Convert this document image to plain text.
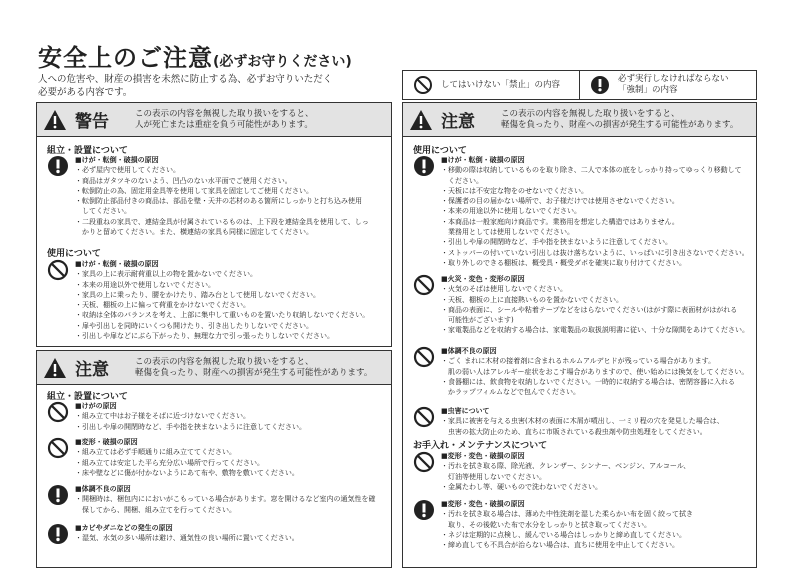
安全上のご注意(必ずお守りください)
人への危害や、財産の損害を未然に防止する為、必ずお守りいただく
必要がある内容です。
してはいけない「禁止」の内容
必ず実行しなければならない
「強制」の内容
警告	この表示の内容を無視した取り扱いをすると、
人が死亡または重症を負う可能性があります。
組立・設置について
■けが・転倒・破損の原因
・必ず屋内で使用してください。
・商品はガタツキのないよう、凹凸のない水平面でご使用ください。
・転倒防止の為、固定用金具等を使用して家具を固定してご使用ください。
・転倒防止部品付きの商品は、部品を壁・天井の芯材のある箇所にしっかりと打ち込み使用
　してください。
・二段重ねの家具で、連結金具が付属されているものは、上下段を連結金具を使用して、しっ
　かりと留めてください。また、横連結の家具も同様に固定してください。
使用について
■けが・転倒・破損の原因
・家具の上に表示耐荷重以上の物を置かないでください。
・本来の用途以外で使用しないでください。
・家具の上に乗ったり、腰をかけたり、踏み台として使用しないでください。
・天板、棚板の上に偏って荷重をかけないでください。
・収納は全体のバランスを考え、上部に集中して重いものを置いたり収納しないでください。
・扉や引出しを同時にいくつも開けたり、引き出したりしないでください。
・引出しや扉などにぶら下がったり、無理な力で引っ張ったりしないでください。
注意	この表示の内容を無視した取り扱いをすると、
軽傷を負ったり、財産への損害が発生する可能性があります。
組立・設置について
■けがの原因
・組み立て中はお子様をそばに近づけないでください。
・引出しや扉の開閉時など、手や指を挟まないように注意してください。
■変形・破損の原因
・組み立ては必ず手順通りに組み立ててください。
・組み立ては安定した平ら充分広い場所で行ってください。
・床や壁などに傷が付かないようにあて布や、敷物を敷いてください。
■体調不良の原因
・開梱時は、梱包内ににおいがこもっている場合があります。窓を開けるなど室内の通気性を確
　保してから、開梱、組み立てを行ってください。
■カビやダニなどの発生の原因
・湿気、水気の多い場所は避け、通気性の良い場所に置いてください。
注意	この表示の内容を無視した取り扱いをすると、
軽傷を負ったり、財産への損害が発生する可能性があります。
使用について
■けが・転倒・破損の原因
・移動の際は収納しているものを取り除き、二人で本体の底をしっかり持ってゆっくり移動して
　ください。
・天板には不安定な物をのせないでください。
・保護者の目の届かない場所で、お子様だけでは使用させないでください。
・本来の用途以外に使用しないでください。
・本商品は一般家庭向け商品です。業務用を想定した構造ではありません。
　業務用としては使用しないでください。
・引出しや扉の開閉時など、手や指を挟まないように注意してください。
・ストッパーの付いていない引出しは抜け落ちないように、いっぱいに引き出さないでください。
・取り外しのできる棚板は、概受具・概受ダボを確実に取り付けてください。
■火災・変色・変形の原因
・火気のそばは使用しないでください。
・天板、棚板の上に直接熱いものを置かないでください。
・商品の表面に、シールや粘着テープなどをはらないでください(はがす際に表面材がはがれる
　可能性がございます)
・家電製品などを収納する場合は、家電製品の取扱説明書に従い、十分な隙間をあけてください。
■体調不良の原因
・ごく まれに木材の接着剤に含まれるホルムアルデヒドが残っている場合があります。
　肌の弱い人はアレルギー症状をおこす場合がありますので、使い始めには換気をしてください。
・食器棚には、飲食物を収納しないでください。一時的に収納する場合は、密閉容器に入れる
　かラップフィルムなどで包んでください。
■虫害について
・家具に被害を与える虫害(木材の表面に木屑が噴出し、一ミリ程の穴を発見した場合は、
　虫害の拡大防止のため、直ちに市販されている殺虫剤や防虫処理をしてください。
お手入れ・メンテナンスについて
■変形・変色・破損の原因
・汚れを拭き取る際、除光液、クレンザー、シンナー、ベンジン、アルコール、
　灯油等使用しないでください。
・金属たわし等、硬いもので洗わないでください。
■変形・変色・破損の原因
・汚れを拭き取る場合は、薄めた中性洗剤を湿した柔らかい布を固く絞って拭き
　取り、その後乾いた布で水分をしっかりと拭き取ってください。
・ネジは定期的に点検し、緩んでいる場合はしっかりと締め直してください。
・締め直しても不具合が治らない場合は、直ちに使用を中止してください。
